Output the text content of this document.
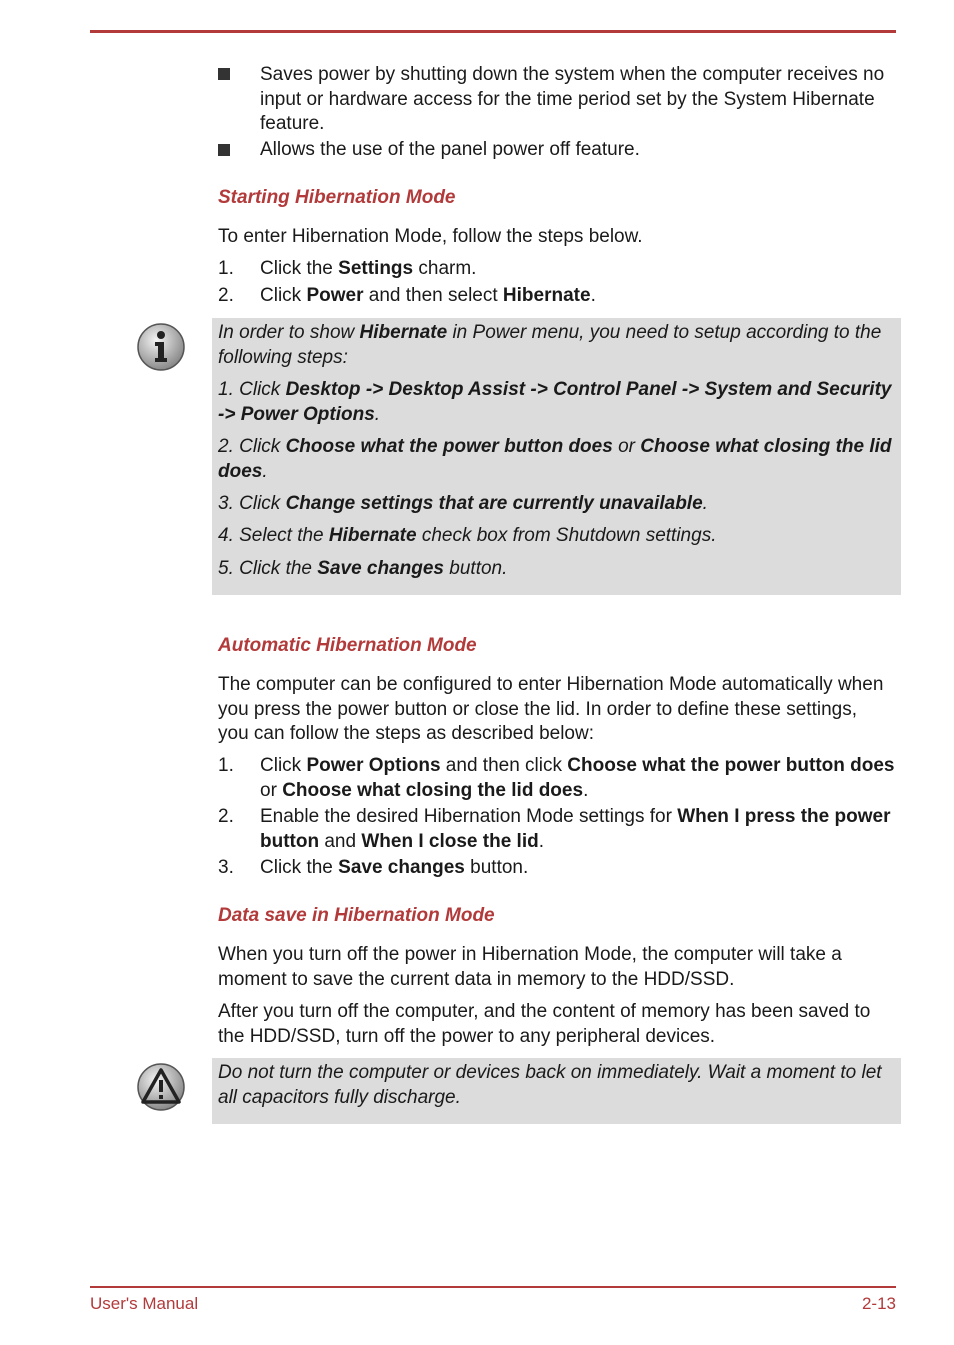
Saves power by shutting down the system when the computer receives no input or hardware access for the time period set by the System Hibernate feature.
Allows the use of the panel power off feature.
Starting Hibernation Mode
To enter Hibernation Mode, follow the steps below.
1. Click the Settings charm.
2. Click Power and then select Hibernate.
In order to show Hibernate in Power menu, you need to setup according to the following steps:
1. Click Desktop -> Desktop Assist -> Control Panel -> System and Security -> Power Options.
2. Click Choose what the power button does or Choose what closing the lid does.
3. Click Change settings that are currently unavailable.
4. Select the Hibernate check box from Shutdown settings.
5. Click the Save changes button.
Automatic Hibernation Mode
The computer can be configured to enter Hibernation Mode automatically when you press the power button or close the lid. In order to define these settings, you can follow the steps as described below:
1. Click Power Options and then click Choose what the power button does or Choose what closing the lid does.
2. Enable the desired Hibernation Mode settings for When I press the power button and When I close the lid.
3. Click the Save changes button.
Data save in Hibernation Mode
When you turn off the power in Hibernation Mode, the computer will take a moment to save the current data in memory to the HDD/SSD.
After you turn off the computer, and the content of memory has been saved to the HDD/SSD, turn off the power to any peripheral devices.
Do not turn the computer or devices back on immediately. Wait a moment to let all capacitors fully discharge.
User's Manual	2-13
